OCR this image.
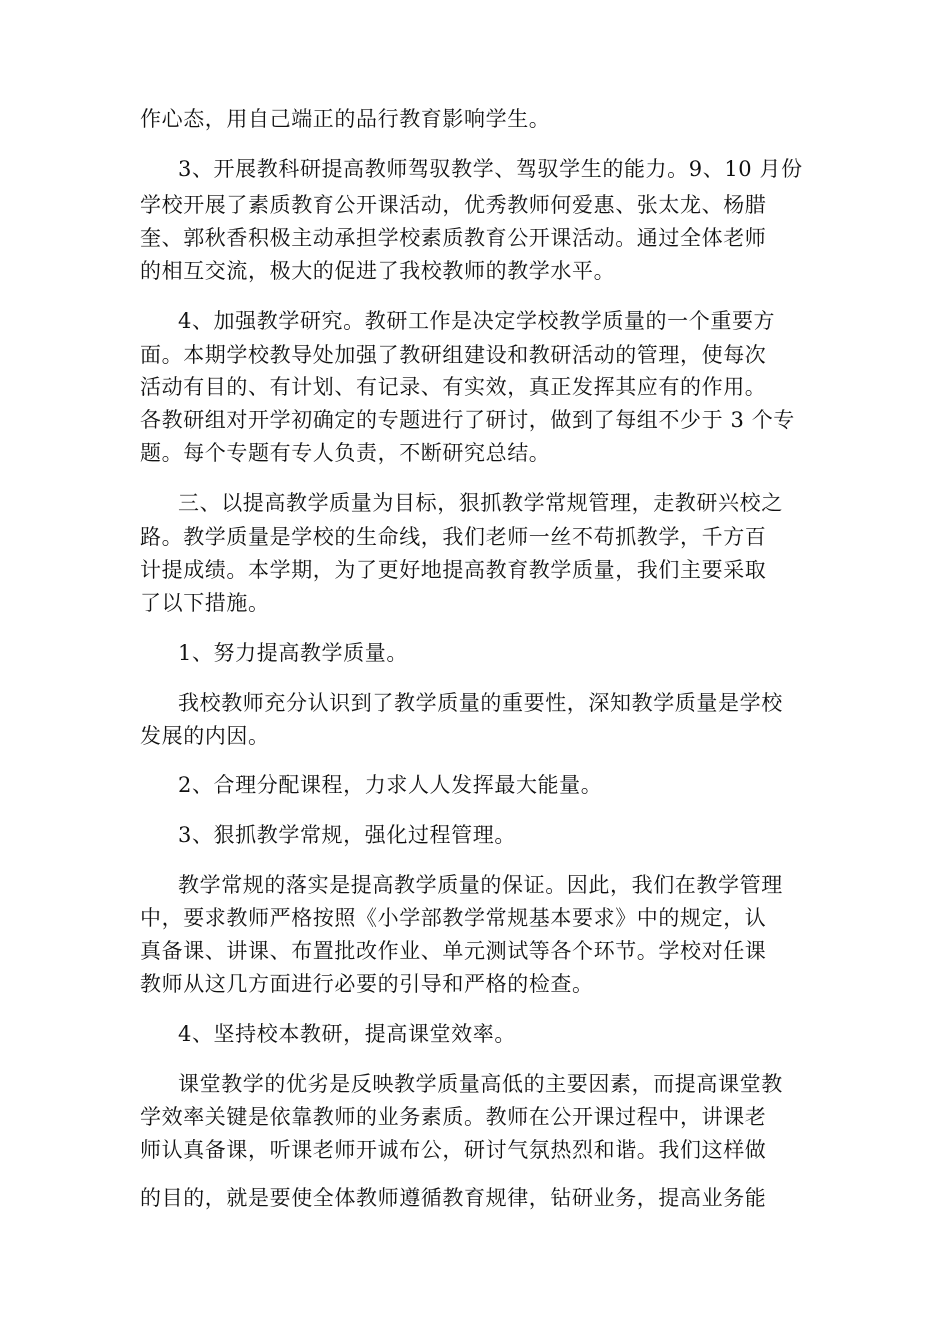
作心态，用自己端正的品行教育影响学生。
3、开展教科研提高教师驾驭教学、驾驭学生的能力。9、10 月份
学校开展了素质教育公开课活动，优秀教师何爱惠、张太龙、杨腊
奎、郭秋香积极主动承担学校素质教育公开课活动。通过全体老师
的相互交流，极大的促进了我校教师的教学水平。
4、加强教学研究。教研工作是决定学校教学质量的一个重要方
面。本期学校教导处加强了教研组建设和教研活动的管理，使每次
活动有目的、有计划、有记录、有实效，真正发挥其应有的作用。
各教研组对开学初确定的专题进行了研讨，做到了每组不少于 3 个专
题。每个专题有专人负责，不断研究总结。
三、以提高教学质量为目标，狠抓教学常规管理，走教研兴校之
路。教学质量是学校的生命线，我们老师一丝不苟抓教学，千方百
计提成绩。本学期，为了更好地提高教育教学质量，我们主要采取
了以下措施。
1、努力提高教学质量。
我校教师充分认识到了教学质量的重要性，深知教学质量是学校
发展的内因。
2、合理分配课程，力求人人发挥最大能量。
3、狠抓教学常规，强化过程管理。
教学常规的落实是提高教学质量的保证。因此，我们在教学管理
中，要求教师严格按照《小学部教学常规基本要求》中的规定，认
真备课、讲课、布置批改作业、单元测试等各个环节。学校对任课
教师从这几方面进行必要的引导和严格的检查。
4、坚持校本教研，提高课堂效率。
课堂教学的优劣是反映教学质量高低的主要因素，而提高课堂教
学效率关键是依靠教师的业务素质。教师在公开课过程中，讲课老
师认真备课，听课老师开诚布公，研讨气氛热烈和谐。我们这样做
的目的，就是要使全体教师遵循教育规律，钻研业务，提高业务能
